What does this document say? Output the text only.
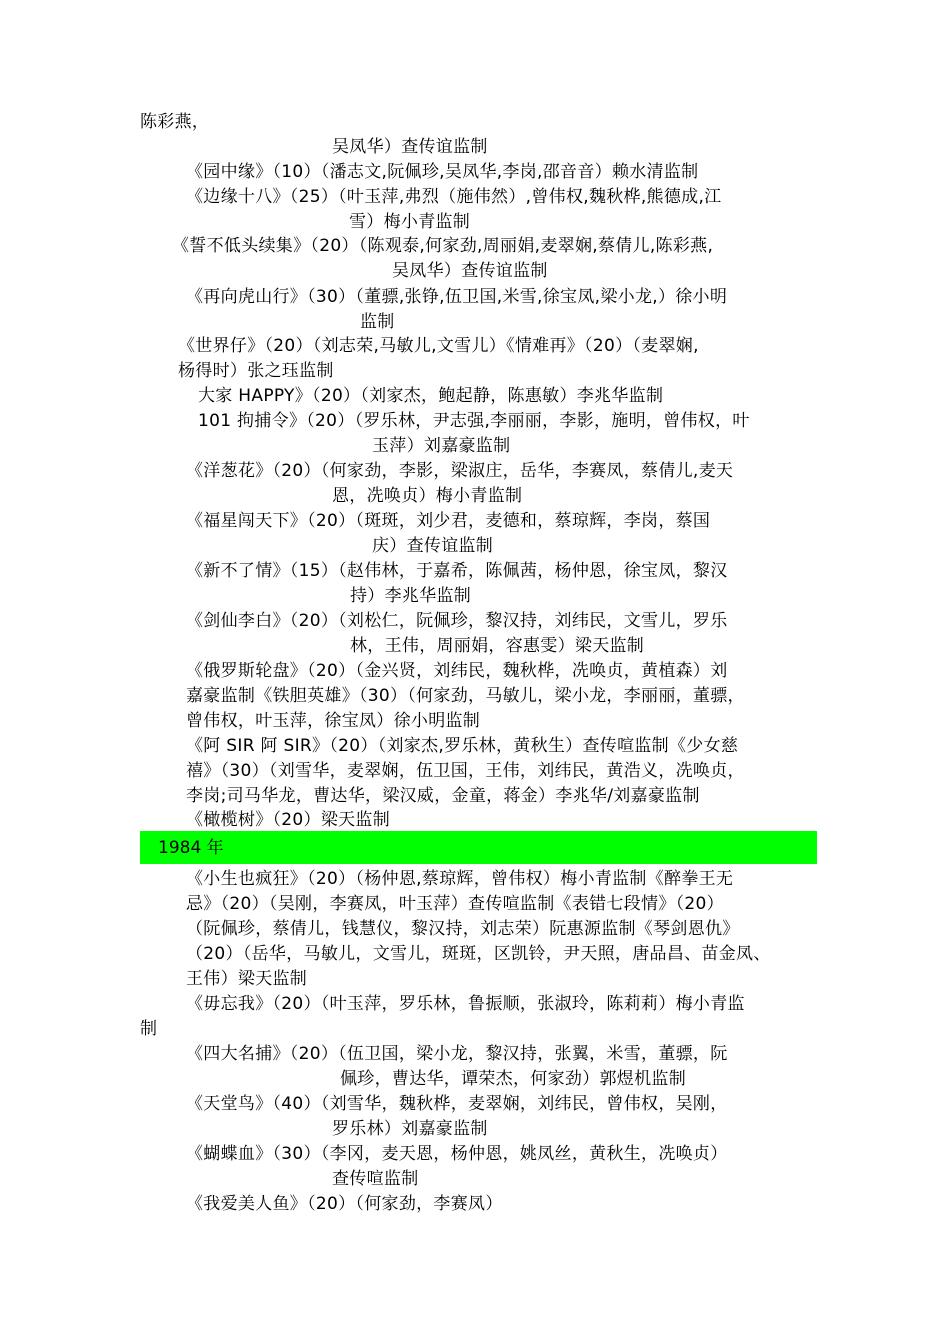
陈彩燕，
吴凤华）查传谊监制
《园中缘》（10）（潘志文,阮佩珍,吴凤华,李岗,邵音音）赖水清监制
《边缘十八》（25）（叶玉萍,弗烈（施伟然）,曾伟权,魏秋桦,熊德成,江
雪）梅小青监制
《誓不低头续集》（20）（陈观泰,何家劲,周丽娟,麦翠娴,蔡倩儿,陈彩燕,
吴凤华）查传谊监制
《再向虎山行》（30）（董骠,张铮,伍卫国,米雪,徐宝凤,梁小龙,）徐小明
监制
《世界仔》（20）（刘志荣,马敏儿,文雪儿）《情难再》（20）（麦翠娴,
杨得时）张之珏监制
大家 HAPPY》（20）（刘家杰，鲍起静，陈惠敏）李兆华监制
101 拘捕令》（20）（罗乐林，尹志强,李丽丽，李影，施明，曾伟权，叶
玉萍）刘嘉豪监制
《洋葱花》（20）（何家劲，李影，梁淑庄，岳华，李赛凤，蔡倩儿,麦天
恩，冼唤贞）梅小青监制
《福星闯天下》（20）（斑斑，刘少君，麦德和，蔡琼辉，李岗，蔡国
庆）查传谊监制
《新不了情》（15）（赵伟林，于嘉希，陈佩茜，杨仲恩，徐宝凤，黎汉
持）李兆华监制
《剑仙李白》（20）（刘松仁，阮佩珍，黎汉持，刘纬民，文雪儿，罗乐
林，王伟，周丽娟，容惠雯）梁天监制
《俄罗斯轮盘》（20）（金兴贤，刘纬民，魏秋桦，冼唤贞，黄植森）刘
嘉豪监制《铁胆英雄》（30）（何家劲，马敏儿，梁小龙，李丽丽，董骠，
曾伟权，叶玉萍，徐宝凤）徐小明监制
《阿 SIR 阿 SIR》（20）（刘家杰,罗乐林，黄秋生）查传喧监制《少女慈
禧》（30）（刘雪华，麦翠娴，伍卫国，王伟，刘纬民，黄浩义，冼唤贞，
李岗;司马华龙，曹达华，梁汉威，金童，蒋金）李兆华/刘嘉豪监制
《橄榄树》（20）梁天监制
1984 年
《小生也疯狂》（20）（杨仲恩,蔡琼辉，曾伟权）梅小青监制《醉拳王无
忌》（20）（吴刚，李赛凤，叶玉萍）查传喧监制《表错七段情》（20）
（阮佩珍，蔡倩儿，钱慧仪，黎汉持，刘志荣）阮惠源监制《琴剑恩仇》
（20）（岳华，马敏儿，文雪儿，斑斑，区凯铃，尹天照，唐品昌、苗金凤、
王伟）梁天监制
《毋忘我》（20）（叶玉萍，罗乐林，鲁振顺，张淑玲，陈莉莉）梅小青监
制
《四大名捕》（20）（伍卫国，梁小龙，黎汉持，张翼，米雪，董骠，阮
佩珍，曹达华，谭荣杰，何家劲）郭煜机监制
《天堂鸟》（40）（刘雪华，魏秋桦，麦翠娴，刘纬民，曾伟权，吴刚，
罗乐林）刘嘉豪监制
《蝴蝶血》（30）（李冈，麦天恩，杨仲恩，姚凤丝，黄秋生，冼唤贞）
查传喧监制
《我爱美人鱼》（20）（何家劲，李赛凤）
